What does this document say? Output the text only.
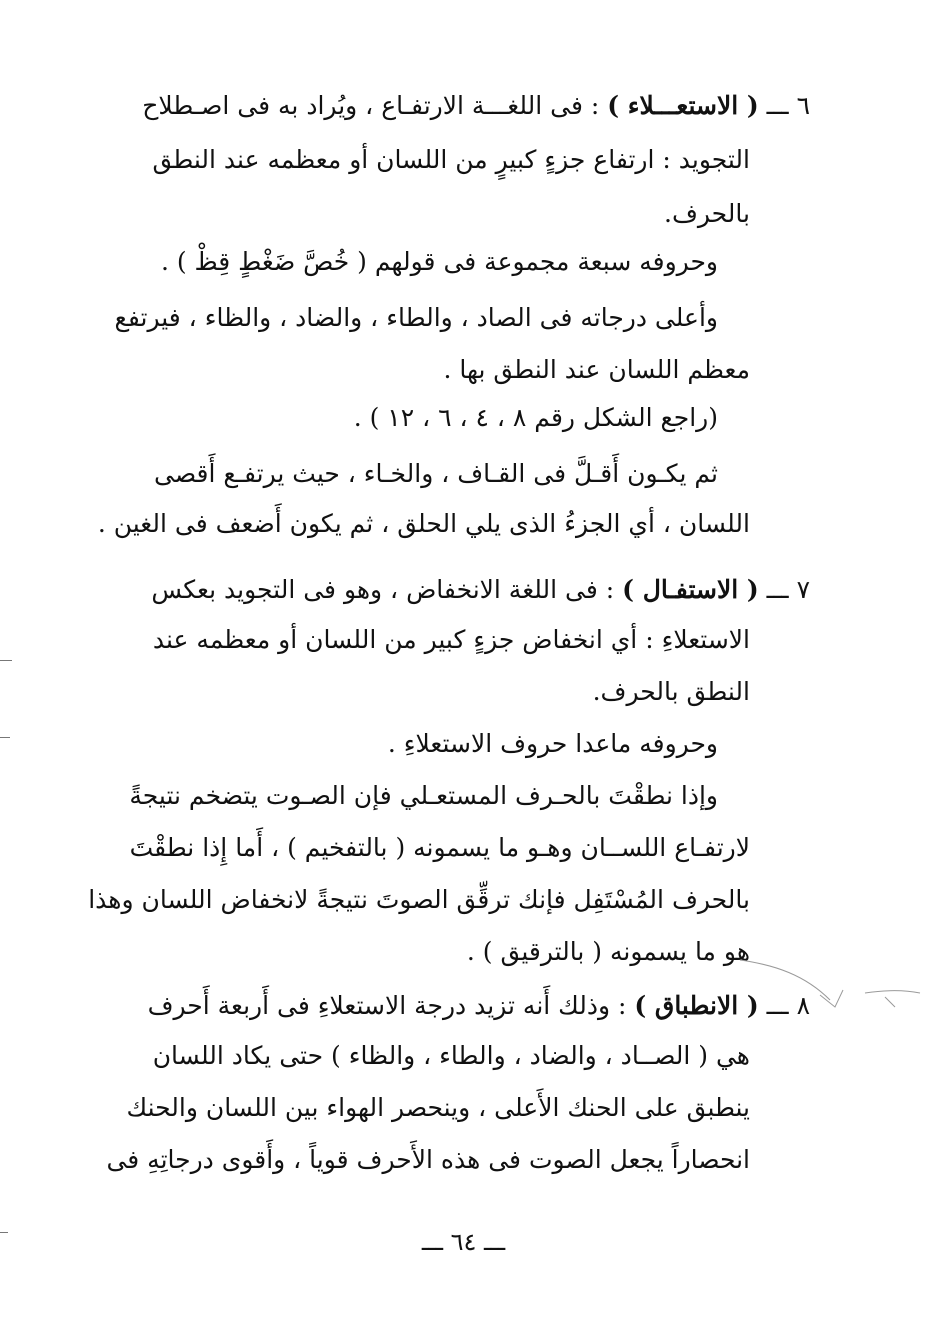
٦ ـــ ( الاستعـــلاء ) : فى اللغـــة الارتفـاع ، ويُراد به فى اصـطلاح
التجويد : ارتفاع جزءٍ كبيرٍ من اللسان أو معظمه عند النطق
بالحرف.
وحروفه سبعة مجموعة فى قولهم ( خُصَّ ضَغْطٍ قِظْ ) .
وأعلى درجاته فى الصاد ، والطاء ، والضاد ، والظاء ، فيرتفع
معظم اللسان عند النطق بها .
(راجع الشكل رقم ٨ ، ٤ ، ٦ ، ١٢ ) .
ثم يكـون أَقـلَّ فى القـاف ، والخـاء ، حيث يرتفـع أَقصى
اللسان ، أي الجزءُ الذى يلي الحلق ، ثم يكون أَضعف فى الغين .
٧ ـــ ( الاستفـال ) : فى اللغة الانخفاض ، وهو فى التجويد بعكس
الاستعلاءِ : أي انخفاض جزءٍ كبير من اللسان أو معظمه عند
النطق بالحرف.
وحروفه ماعدا حروف الاستعلاءِ .
وإذا نطقْتَ بالحـرف المستعـلي فإن الصـوت يتضخم نتيجةً
لارتفـاع اللســان وهـو ما يسمونه ( بالتفخيم ) ، أَما إِذا نطقْتَ
بالحرف المُسْتَفِل فإنك ترقِّق الصوتَ نتيجةً لانخفاض اللسان وهذا
هو ما يسمونه ( بالترقيق ) .
٨ ـــ ( الانطباق ) : وذلك أَنه تزيد درجة الاستعلاءِ فى أَربعة أَحرف
هي ( الصــاد ، والضاد ، والطاء ، والظاء ) حتى يكاد اللسان
ينطبق على الحنك الأَعلى ، وينحصر الهواء بين اللسان والحنك
انحصاراً يجعل الصوت فى هذه الأَحرف قوياً ، وأَقوى درجاتِهِ فى
ـــ ٦٤ ـــ
